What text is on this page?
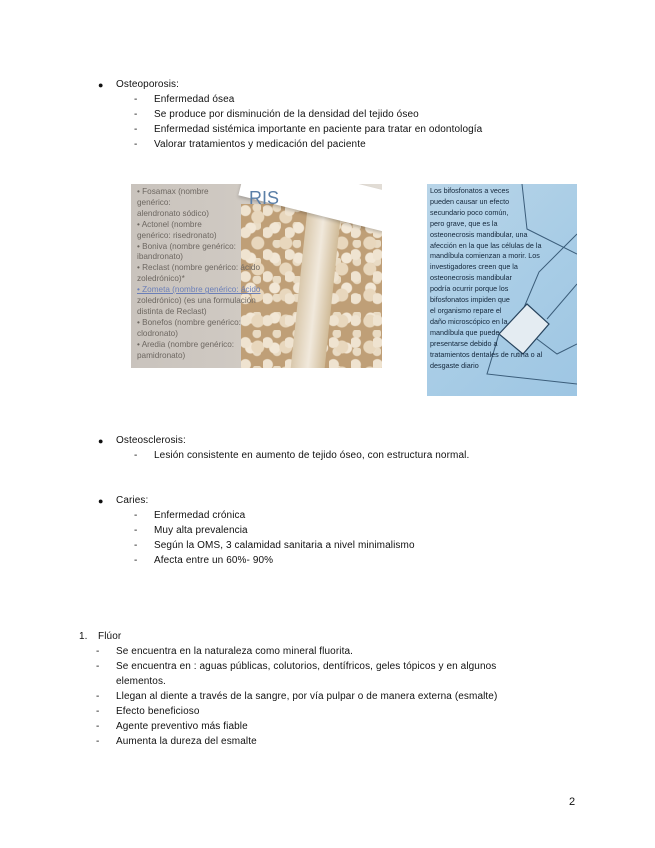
● Osteoporosis:
- Enfermedad ósea
- Se produce por disminución de la densidad del tejido óseo
- Enfermedad sistémica importante en paciente para tratar en odontología
- Valorar tratamientos y medicación del paciente
RIS
• Fosamax (nombre
genérico:
alendronato sódico)
• Actonel (nombre
genérico: risedronato)
• Boniva (nombre genérico:
ibandronato)
• Reclast (nombre genérico: ácido
zoledrónico)*
• Zometa (nombre genérico: ácido
zoledrónico) (es una formulación
distinta de Reclast)
• Bonefos (nombre genérico:
clodronato)
• Aredia (nombre genérico:
pamidronato)
Los bifosfonatos a veces
pueden causar un efecto
secundario poco común,
pero grave, que es la
osteonecrosis mandibular, una
afección en la que las células de la
mandíbula comienzan a morir. Los
investigadores creen que la
osteonecrosis mandibular
podría ocurrir porque los
bifosfonatos impiden que
el organismo repare el
daño microscópico en la
mandíbula que puede
presentarse debido a
tratamientos dentales de rutina o al
desgaste diario
● Osteosclerosis:
- Lesión consistente en aumento de tejido óseo, con estructura normal.
● Caries:
- Enfermedad crónica
- Muy alta prevalencia
- Según la OMS, 3 calamidad sanitaria a nivel minimalismo
- Afecta entre un 60%- 90%
1. Flúor
- Se encuentra en la naturaleza como mineral fluorita.
- Se encuentra en : aguas públicas, colutorios, dentífricos, geles tópicos y en algunos
elementos.
- Llegan al diente a través de la sangre, por vía pulpar o de manera externa (esmalte)
- Efecto beneficioso
- Agente preventivo más fiable
- Aumenta la dureza del esmalte
2
